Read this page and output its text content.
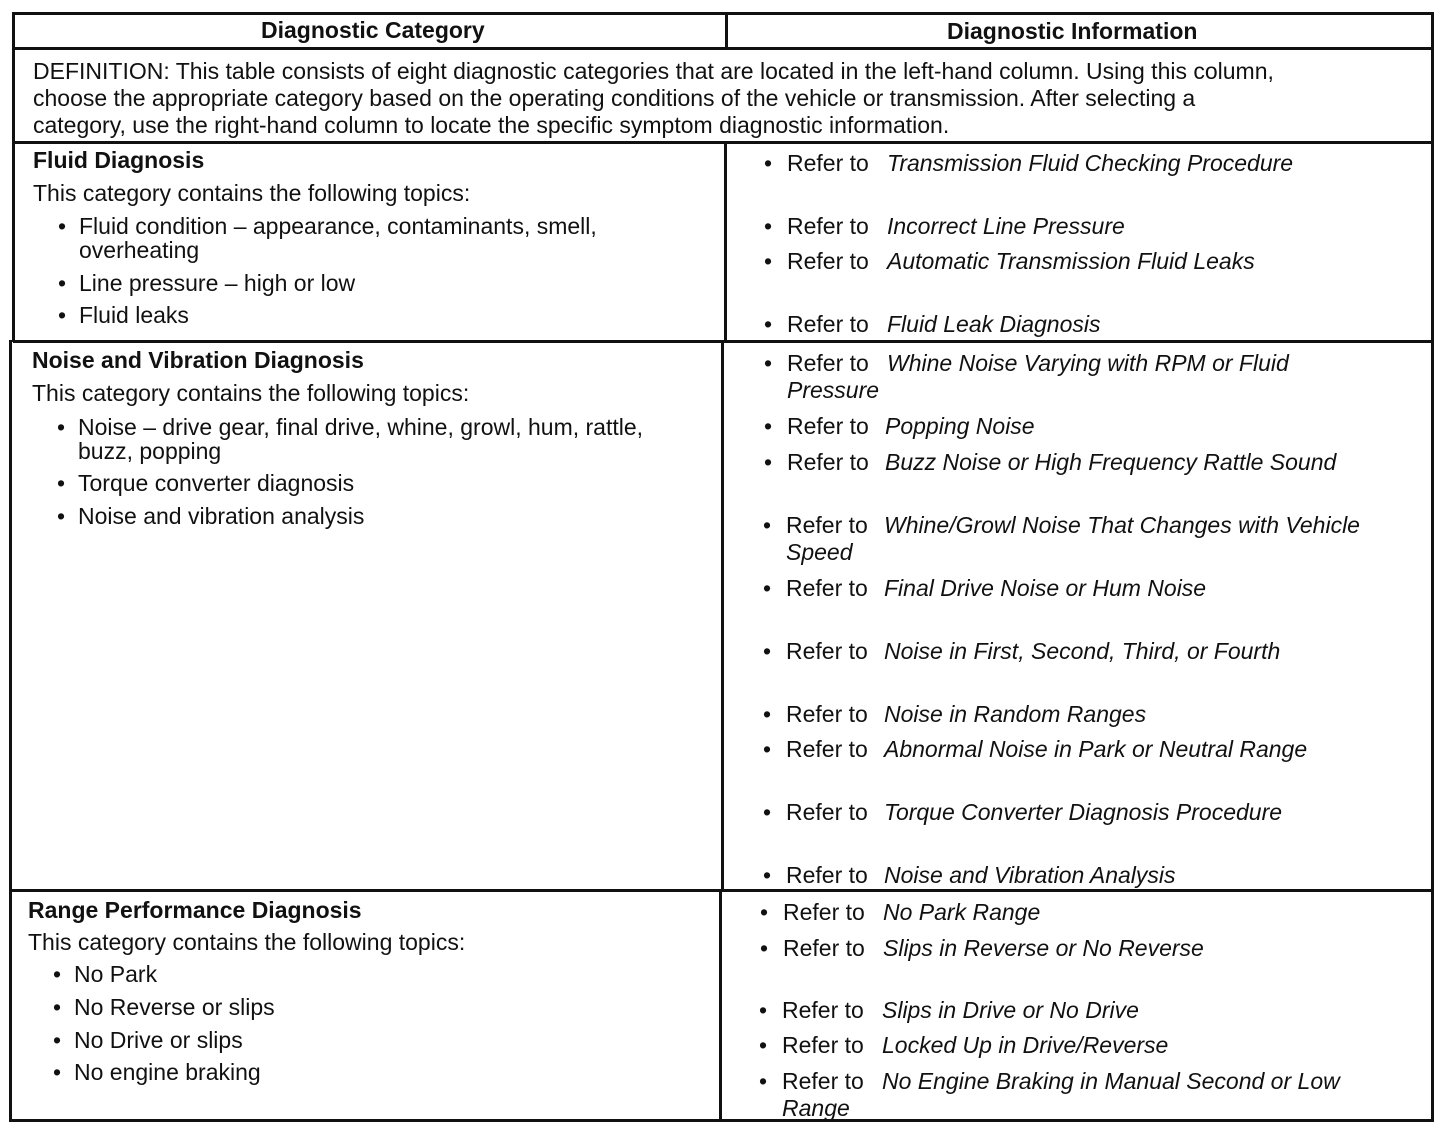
Diagnostic Category	Diagnostic Information
DEFINITION: This table consists of eight diagnostic categories that are located in the left-hand column. Using this column,
choose the appropriate category based on the operating conditions of the vehicle or transmission. After selecting a
category, use the right-hand column to locate the specific symptom diagnostic information.
Fluid Diagnosis
This category contains the following topics:
• Fluid condition – appearance, contaminants, smell,
overheating
• Line pressure – high or low
• Fluid leaks
• Refer to Transmission Fluid Checking Procedure
• Refer to Incorrect Line Pressure
• Refer to Automatic Transmission Fluid Leaks
• Refer to Fluid Leak Diagnosis
Noise and Vibration Diagnosis
This category contains the following topics:
• Noise – drive gear, final drive, whine, growl, hum, rattle,
buzz, popping
• Torque converter diagnosis
• Noise and vibration analysis
• Refer to Whine Noise Varying with RPM or Fluid
Pressure
• Refer to Popping Noise
• Refer to Buzz Noise or High Frequency Rattle Sound
• Refer to Whine/Growl Noise That Changes with Vehicle
Speed
• Refer to Final Drive Noise or Hum Noise
• Refer to Noise in First, Second, Third, or Fourth
• Refer to Noise in Random Ranges
• Refer to Abnormal Noise in Park or Neutral Range
• Refer to Torque Converter Diagnosis Procedure
• Refer to Noise and Vibration Analysis
Range Performance Diagnosis
This category contains the following topics:
• No Park
• No Reverse or slips
• No Drive or slips
• No engine braking
• Refer to No Park Range
• Refer to Slips in Reverse or No Reverse
• Refer to Slips in Drive or No Drive
• Refer to Locked Up in Drive/Reverse
• Refer to No Engine Braking in Manual Second or Low
Range
